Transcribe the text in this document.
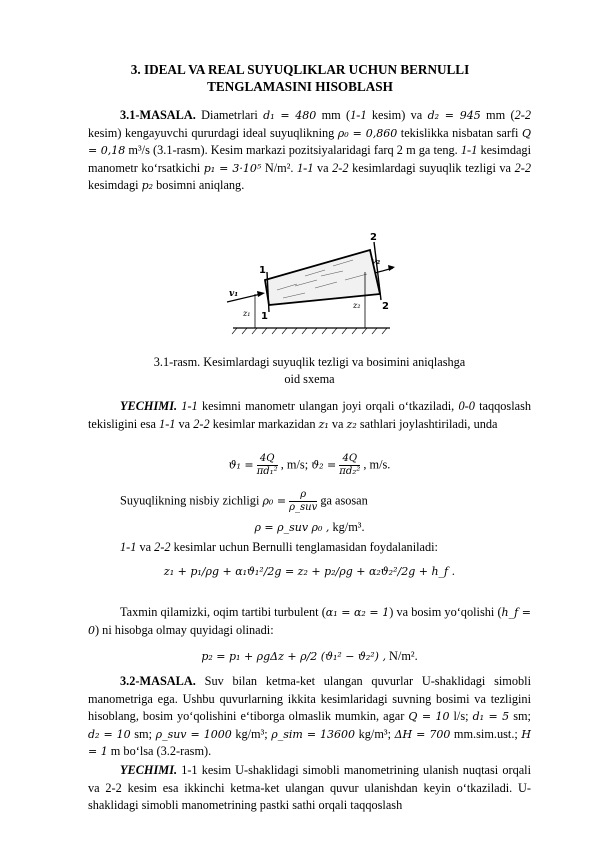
3. IDEAL VA REAL SUYUQLIKLAR UCHUN BERNULLI
TENGLAMASINI HISOBLASH
3.1-MASALA. Diametrlari d₁ = 480 mm (1-1 kesim) va d₂ = 945 mm (2-2 kesim) kengayuvchi qururdagi ideal suyuqlikning ρ₀ = 0,860 tekislikka nisbatan sarfi Q = 0,18 m³/s (3.1-rasm). Kesim markazi pozitsiyalaridagi farq 2 m ga teng. 1-1 kesimdagi manometr ko‘rsatkichi p₁ = 3·10⁵ N/m². 1-1 va 2-2 kesimlardagi suyuqlik tezligi va 2-2 kesimdagi p₂ bosimni aniqlang.
1
2
2
1
v₁
v₂
z₁
z₂
3.1-rasm. Kesimlardagi suyuqlik tezligi va bosimini aniqlashga
oid sxema
YECHIMI. 1-1 kesimni manometr ulangan joyi orqali o‘tkaziladi, 0-0 taqqoslash tekisligini esa 1-1 va 2-2 kesimlar markazidan z₁ va z₂ sathlari joylashtiriladi, unda
$ϑ_1 = \frac{4Q}{\text{πd₁²}}$ , m/s; $ϑ_2 = \frac{4Q}{\text{πd₂²}}$ , m/s.
Suyuqlikning nisbiy zichligi $\rho_0 = \frac{\rho}{\text{ρ\_suv}}$ ga asosan
ρ = ρ_suv ρ₀ , kg/m³.
1-1 va 2-2 kesimlar uchun Bernulli tenglamasidan foydalaniladi:
z₁ + p₁/ρg + α₁ϑ₁²/2g = z₂ + p₂/ρg + α₂ϑ₂²/2g + h_f .
Taxmin qilamizki, oqim tartibi turbulent (α₁ = α₂ = 1) va bosim yo‘qolishi (h_f = 0) ni hisobga olmay quyidagi olinadi:
p₂ = p₁ + ρgΔz + ρ/2 (ϑ₁² − ϑ₂²) , N/m².
3.2-MASALA. Suv bilan ketma-ket ulangan quvurlar U-shaklidagi simobli manometriga ega. Ushbu quvurlarning ikkita kesimlaridagi suvning bosimi va tezligini hisoblang, bosim yo‘qolishini e‘tiborga olmaslik mumkin, agar Q = 10 l/s; d₁ = 5 sm; d₂ = 10 sm; ρ_suv = 1000 kg/m³; ρ_sim = 13600 kg/m³; ΔH = 700 mm.sim.ust.; H = 1 m bo‘lsa (3.2-rasm).
YECHIMI. 1-1 kesim U-shaklidagi simobli manometrining ulanish nuqtasi orqali va 2-2 kesim esa ikkinchi ketma-ket ulangan quvur ulanishdan keyin o‘tkaziladi. U-shaklidagi simobli manometrining pastki sathi orqali taqqoslash
